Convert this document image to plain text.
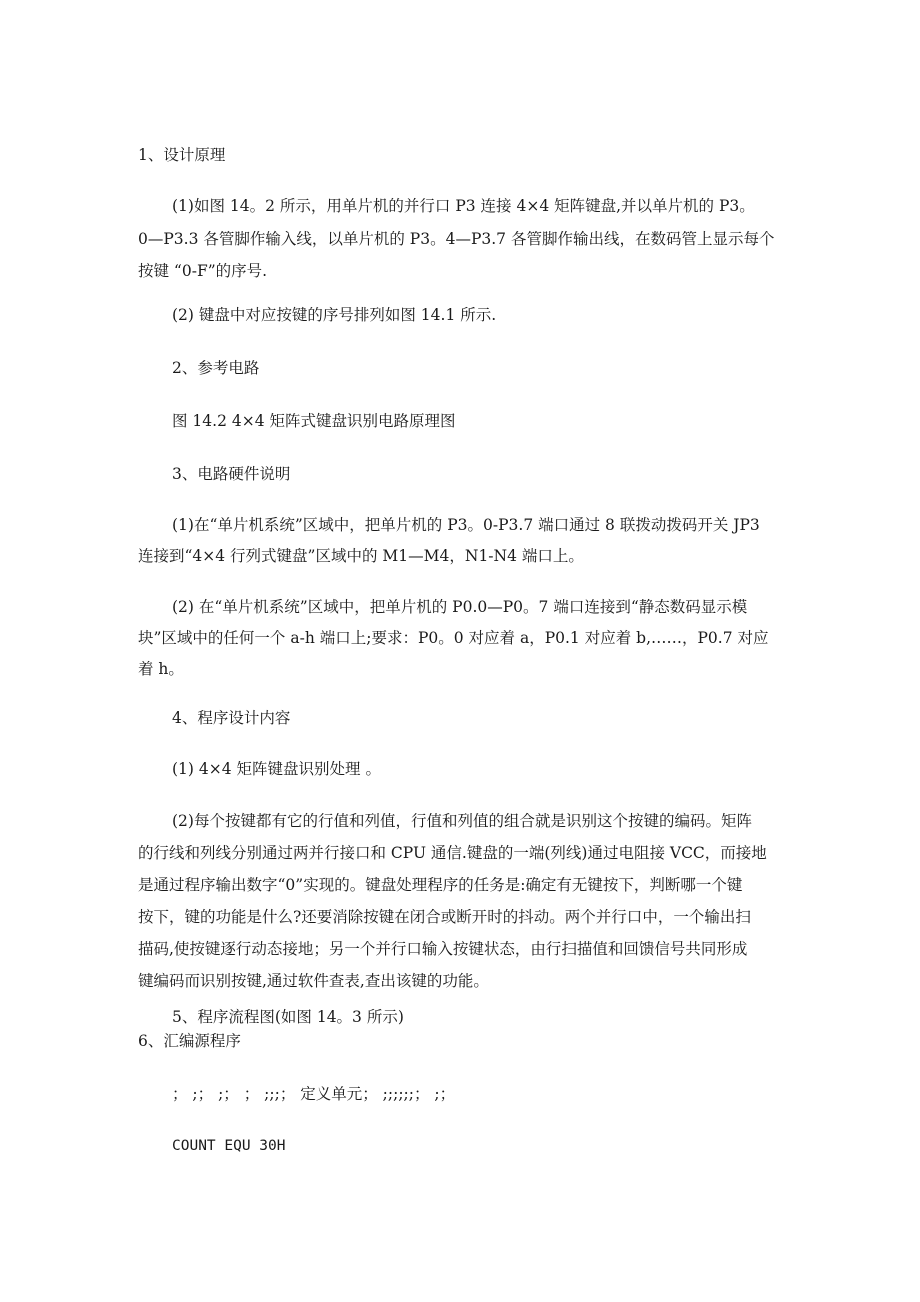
1、设计原理

(1)如图 14。2 所示，用单片机的并行口 P3 连接 4×4 矩阵键盘,并以单片机的 P3。

0—P3.3 各管脚作输入线，以单片机的 P3。4—P3.7 各管脚作输出线，在数码管上显示每个

按键 “0-F”的序号.

(2) 键盘中对应按键的序号排列如图 14.1 所示.

2、参考电路

图 14.2 4×4 矩阵式键盘识别电路原理图

3、电路硬件说明

(1)在“单片机系统”区域中，把单片机的 P3。0-P3.7 端口通过 8 联拨动拨码开关 JP3

连接到“4×4 行列式键盘”区域中的 M1—M4，N1-N4 端口上。

(2) 在“单片机系统”区域中，把单片机的 P0.0—P0。7 端口连接到“静态数码显示模

块”区域中的任何一个 a-h 端口上;要求：P0。0 对应着 a，P0.1 对应着 b,……，P0.7 对应

着 h。

4、程序设计内容

(1) 4×4 矩阵键盘识别处理 。

(2)每个按键都有它的行值和列值，行值和列值的组合就是识别这个按键的编码。矩阵

的行线和列线分别通过两并行接口和 CPU 通信.键盘的一端(列线)通过电阻接 VCC，而接地

是通过程序输出数字“0”实现的。键盘处理程序的任务是:确定有无键按下，判断哪一个键

按下，键的功能是什么?还要消除按键在闭合或断开时的抖动。两个并行口中，一个输出扫

描码,使按键逐行动态接地；另一个并行口输入按键状态，由行扫描值和回馈信号共同形成

键编码而识别按键,通过软件查表,查出该键的功能。

5、程序流程图(如图 14。3 所示)

6、汇编源程序

； ;； ;； ； ;;;； 定义单元； ;;;;;;； ;；

COUNT EQU 30H
